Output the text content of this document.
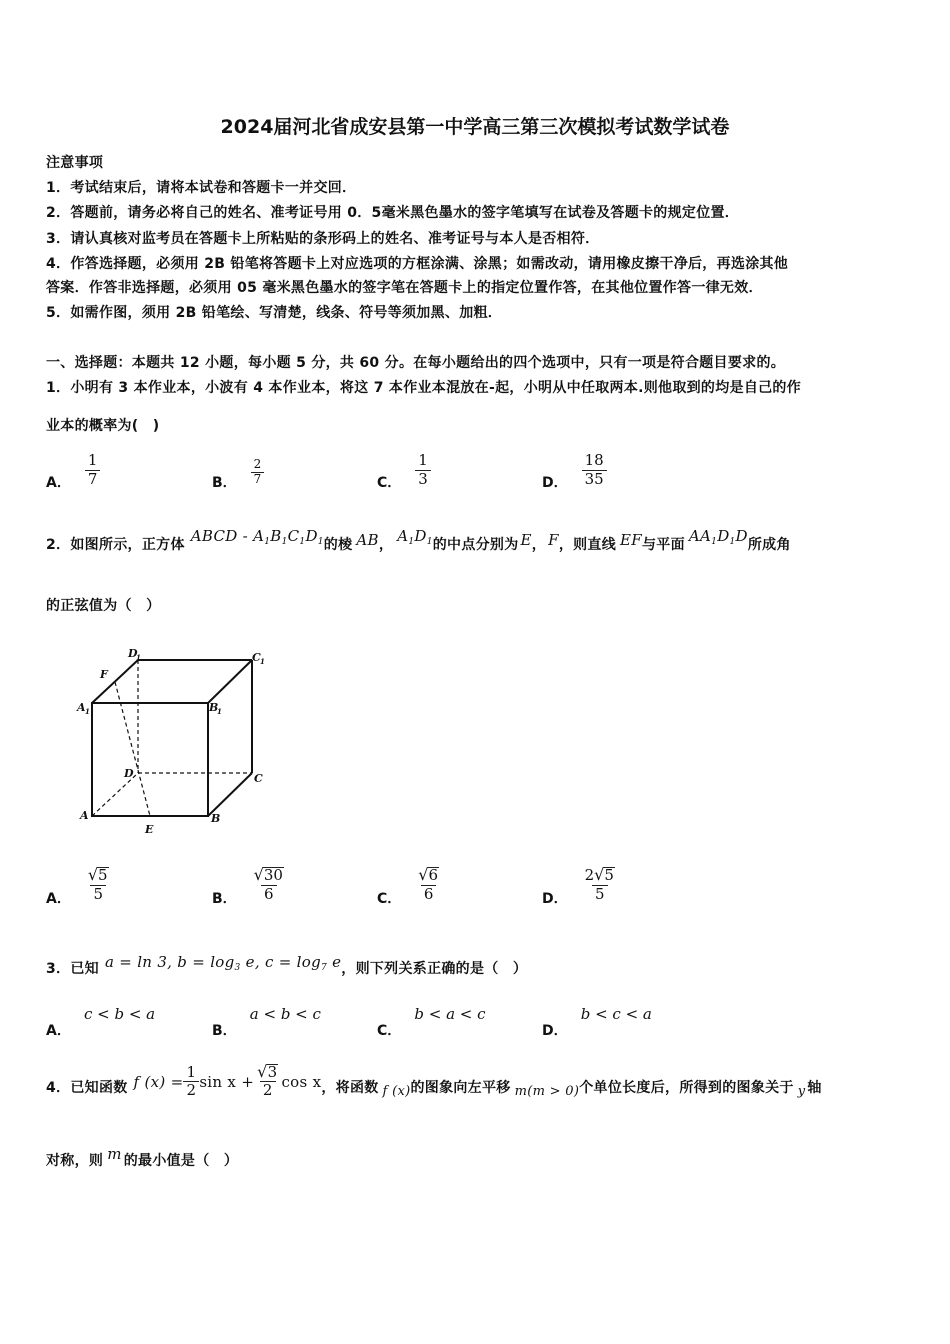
2024届河北省成安县第一中学高三第三次模拟考试数学试卷
注意事项
1．考试结束后，请将本试卷和答题卡一并交回．
2．答题前，请务必将自己的姓名、准考证号用 0．5毫米黑色墨水的签字笔填写在试卷及答题卡的规定位置．
3．请认真核对监考员在答题卡上所粘贴的条形码上的姓名、准考证号与本人是否相符．
4．作答选择题，必须用 2B 铅笔将答题卡上对应选项的方框涂满、涂黑；如需改动，请用橡皮擦干净后，再选涂其他
答案．作答非选择题，必须用 05 毫米黑色墨水的签字笔在答题卡上的指定位置作答，在其他位置作答一律无效．
5．如需作图，须用 2B 铅笔绘、写清楚，线条、符号等须加黑、加粗．
一、选择题：本题共 12 小题，每小题 5 分，共 60 分。在每小题给出的四个选项中，只有一项是符合题目要求的。
1．小明有 3 本作业本，小波有 4 本作业本，将这 7 本作业本混放在-起，小明从中任取两本.则他取到的均是自己的作
业本的概率为(　)
A． $\frac{1}{7}$	B． $\frac{2}{7}$	C． $\frac{1}{3}$	D． $\frac{18}{35}$
2．如图所示，正方体 ABCD - $A_1B_1C_1D_1$ 的棱 AB ， $A_1D_1$ 的中点分别为 E ， F ，则直线 EF 与平面 $AA_1D_1D$ 所成角
的正弦值为（　）
D
1	C 1
F
A 1	B
1
D	C
A
E
B
A． $\frac{√ 5}{5}$	B． $\frac{√ 30}{6}$	C． $\frac{√ 6}{6}$	D． $\frac{2 √ 5}{5}$
3．已知 a = ln 3, $b = \log_3 e$, $c = \log_7 e$ ，则下列关系正确的是（　）
A． c < b < a
B． a < b < c
C． b < a < c
D． b < c < a
4．已知函数 f $(x) = \frac{1}{2}$ $\sin x + \frac{√ 3}{2}$ cos x ，将函数 f (x) 的图象向左平移 m(m > 0) 个单位长度后，所得到的图象关于 y 轴
对称，则 m 的最小值是（　）
